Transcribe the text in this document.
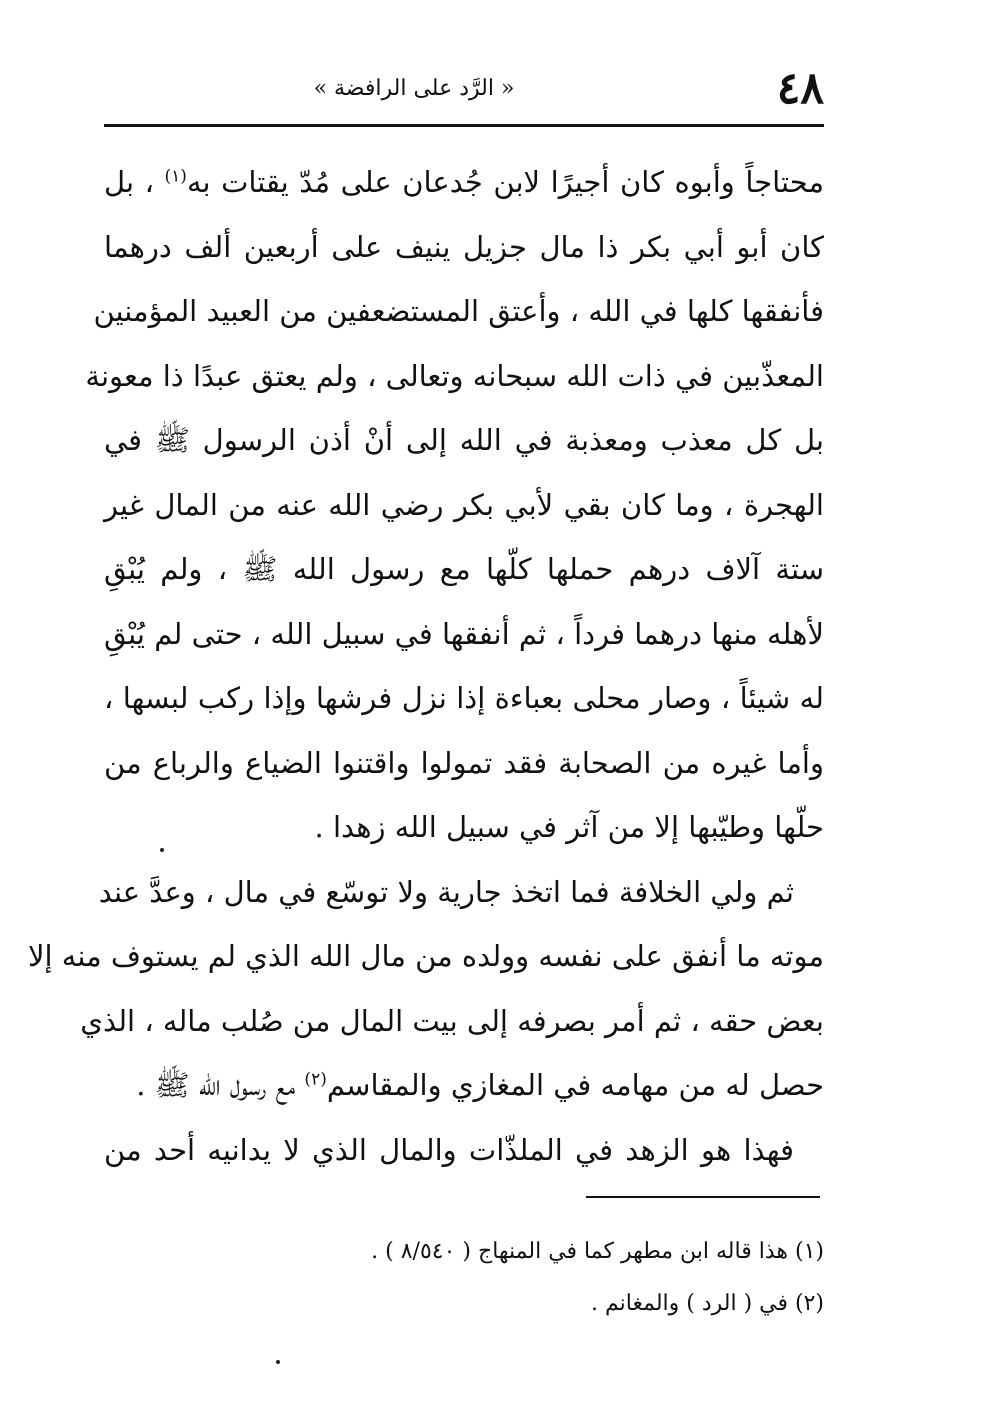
٤٨
« الرَّد على الرافضة »
محتاجاً وأبوه كان أجيرًا لابن جُدعان على مُدّ يقتات به$^{(١)}$ ، بل
كان أبو أبي بكر ذا مال جزيل ينيف على أربعين ألف درهما
فأنفقها كلها في الله ، وأعتق المستضعفين من العبيد المؤمنين
المعذّبين في ذات الله سبحانه وتعالى ، ولم يعتق عبدًا ذا معونة
بل كل معذب ومعذبة في الله إلى أنْ أذن الرسول ﷺ في
الهجرة ، وما كان بقي لأبي بكر رضي الله عنه من المال غير
ستة آلاف درهم حملها كلّها مع رسول الله ﷺ ، ولم يُبْقِ
لأهله منها درهما فرداً ، ثم أنفقها في سبيل الله ، حتى لم يُبْقِ
له شيئاً ، وصار محلى بعباءة إذا نزل فرشها وإذا ركب لبسها ،
وأما غيره من الصحابة فقد تمولوا واقتنوا الضياع والرباع من
حلّها وطيّبها إلا من آثر في سبيل الله زهدا .
ثم ولي الخلافة فما اتخذ جارية ولا توسّع في مال ، وعدَّ عند
موته ما أنفق على نفسه وولده من مال الله الذي لم يستوف منه إلا
بعض حقه ، ثم أمر بصرفه إلى بيت المال من صُلب ماله ، الذي
حصل له من مهامه في المغازي والمقاسم$^{(٢)}$ مع رسول الله ﷺ .
فهذا هو الزهد في الملذّات والمال الذي لا يدانيه أحد من
(١) هذا قاله ابن مطهر كما في المنهاج ( ٨/٥٤٠ ) .
(٢) في ( الرد ) والمغانم .
